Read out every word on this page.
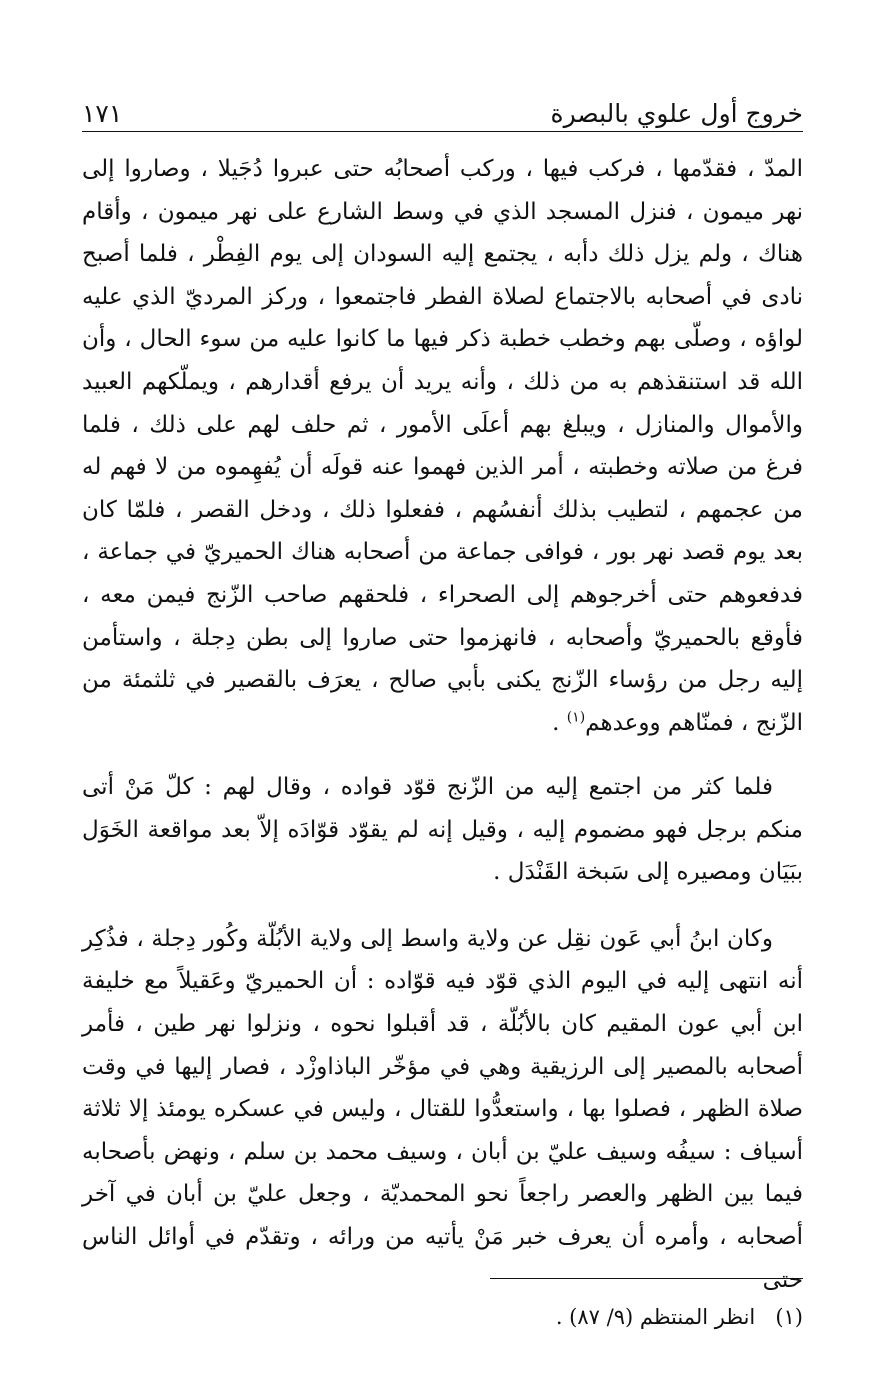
خروج أول علوي بالبصرة
١٧١

المدّ ، فقدّمها ، فركب فيها ، وركب أصحابُه حتى عبروا دُجَيلا ، وصاروا إلى نهر ميمون ، فنزل المسجد الذي في وسط الشارع على نهر ميمون ، وأقام هناك ، ولم يزل ذلك دأبه ، يجتمع إليه السودان إلى يوم الفِطْر ، فلما أصبح نادى في أصحابه بالاجتماع لصلاة الفطر فاجتمعوا ، وركز المرديّ الذي عليه لواؤه ، وصلّى بهم وخطب خطبة ذكر فيها ما كانوا عليه من سوء الحال ، وأن الله قد استنقذهم به من ذلك ، وأنه يريد أن يرفع أقدارهم ، ويملّكهم العبيد والأموال والمنازل ، ويبلغ بهم أعلَى الأمور ، ثم حلف لهم على ذلك ، فلما فرغ من صلاته وخطبته ، أمر الذين فهموا عنه قولَه أن يُفهِموه من لا فهم له من عجمهم ، لتطيب بذلك أنفسُهم ، ففعلوا ذلك ، ودخل القصر ، فلمّا كان بعد يوم قصد نهر بور ، فوافى جماعة من أصحابه هناك الحميريّ في جماعة ، فدفعوهم حتى أخرجوهم إلى الصحراء ، فلحقهم صاحب الزّنج فيمن معه ، فأوقع بالحميريّ وأصحابه ، فانهزموا حتى صاروا إلى بطن دِجلة ، واستأمن إليه رجل من رؤساء الزّنج يكنى بأبي صالح ، يعرَف بالقصير في ثلثمئة من الزّنج ، فمنّاهم ووعدهم$^{(١)}$ .

فلما كثر من اجتمع إليه من الزّنج قوّد قواده ، وقال لهم : كلّ مَنْ أتى منكم برجل فهو مضموم إليه ، وقيل إنه لم يقوّد قوّادَه إلاّ بعد مواقعة الخَوَل ببَيَان ومصيره إلى سَبخة القَنْدَل .

وكان ابنُ أبي عَون نقِل عن ولاية واسط إلى ولاية الأبُلّة وكُور دِجلة ، فذُكِر أنه انتهى إليه في اليوم الذي قوّد فيه قوّاده : أن الحميريّ وعَقيلاً مع خليفة ابن أبي عون المقيم كان بالأبُلّة ، قد أقبلوا نحوه ، ونزلوا نهر طين ، فأمر أصحابه بالمصير إلى الرزيقية وهي في مؤخّر الباذاوزْد ، فصار إليها في وقت صلاة الظهر ، فصلوا بها ، واستعدُّوا للقتال ، وليس في عسكره يومئذ إلا ثلاثة أسياف : سيفُه وسيف عليّ بن أبان ، وسيف محمد بن سلم ، ونهض بأصحابه فيما بين الظهر والعصر راجعاً نحو المحمديّة ، وجعل عليّ بن أبان في آخر أصحابه ، وأمره أن يعرف خبر مَنْ يأتيه من ورائه ، وتقدّم في أوائل الناس حتى

(١)   انظر المنتظم (٩/ ٨٧) .
